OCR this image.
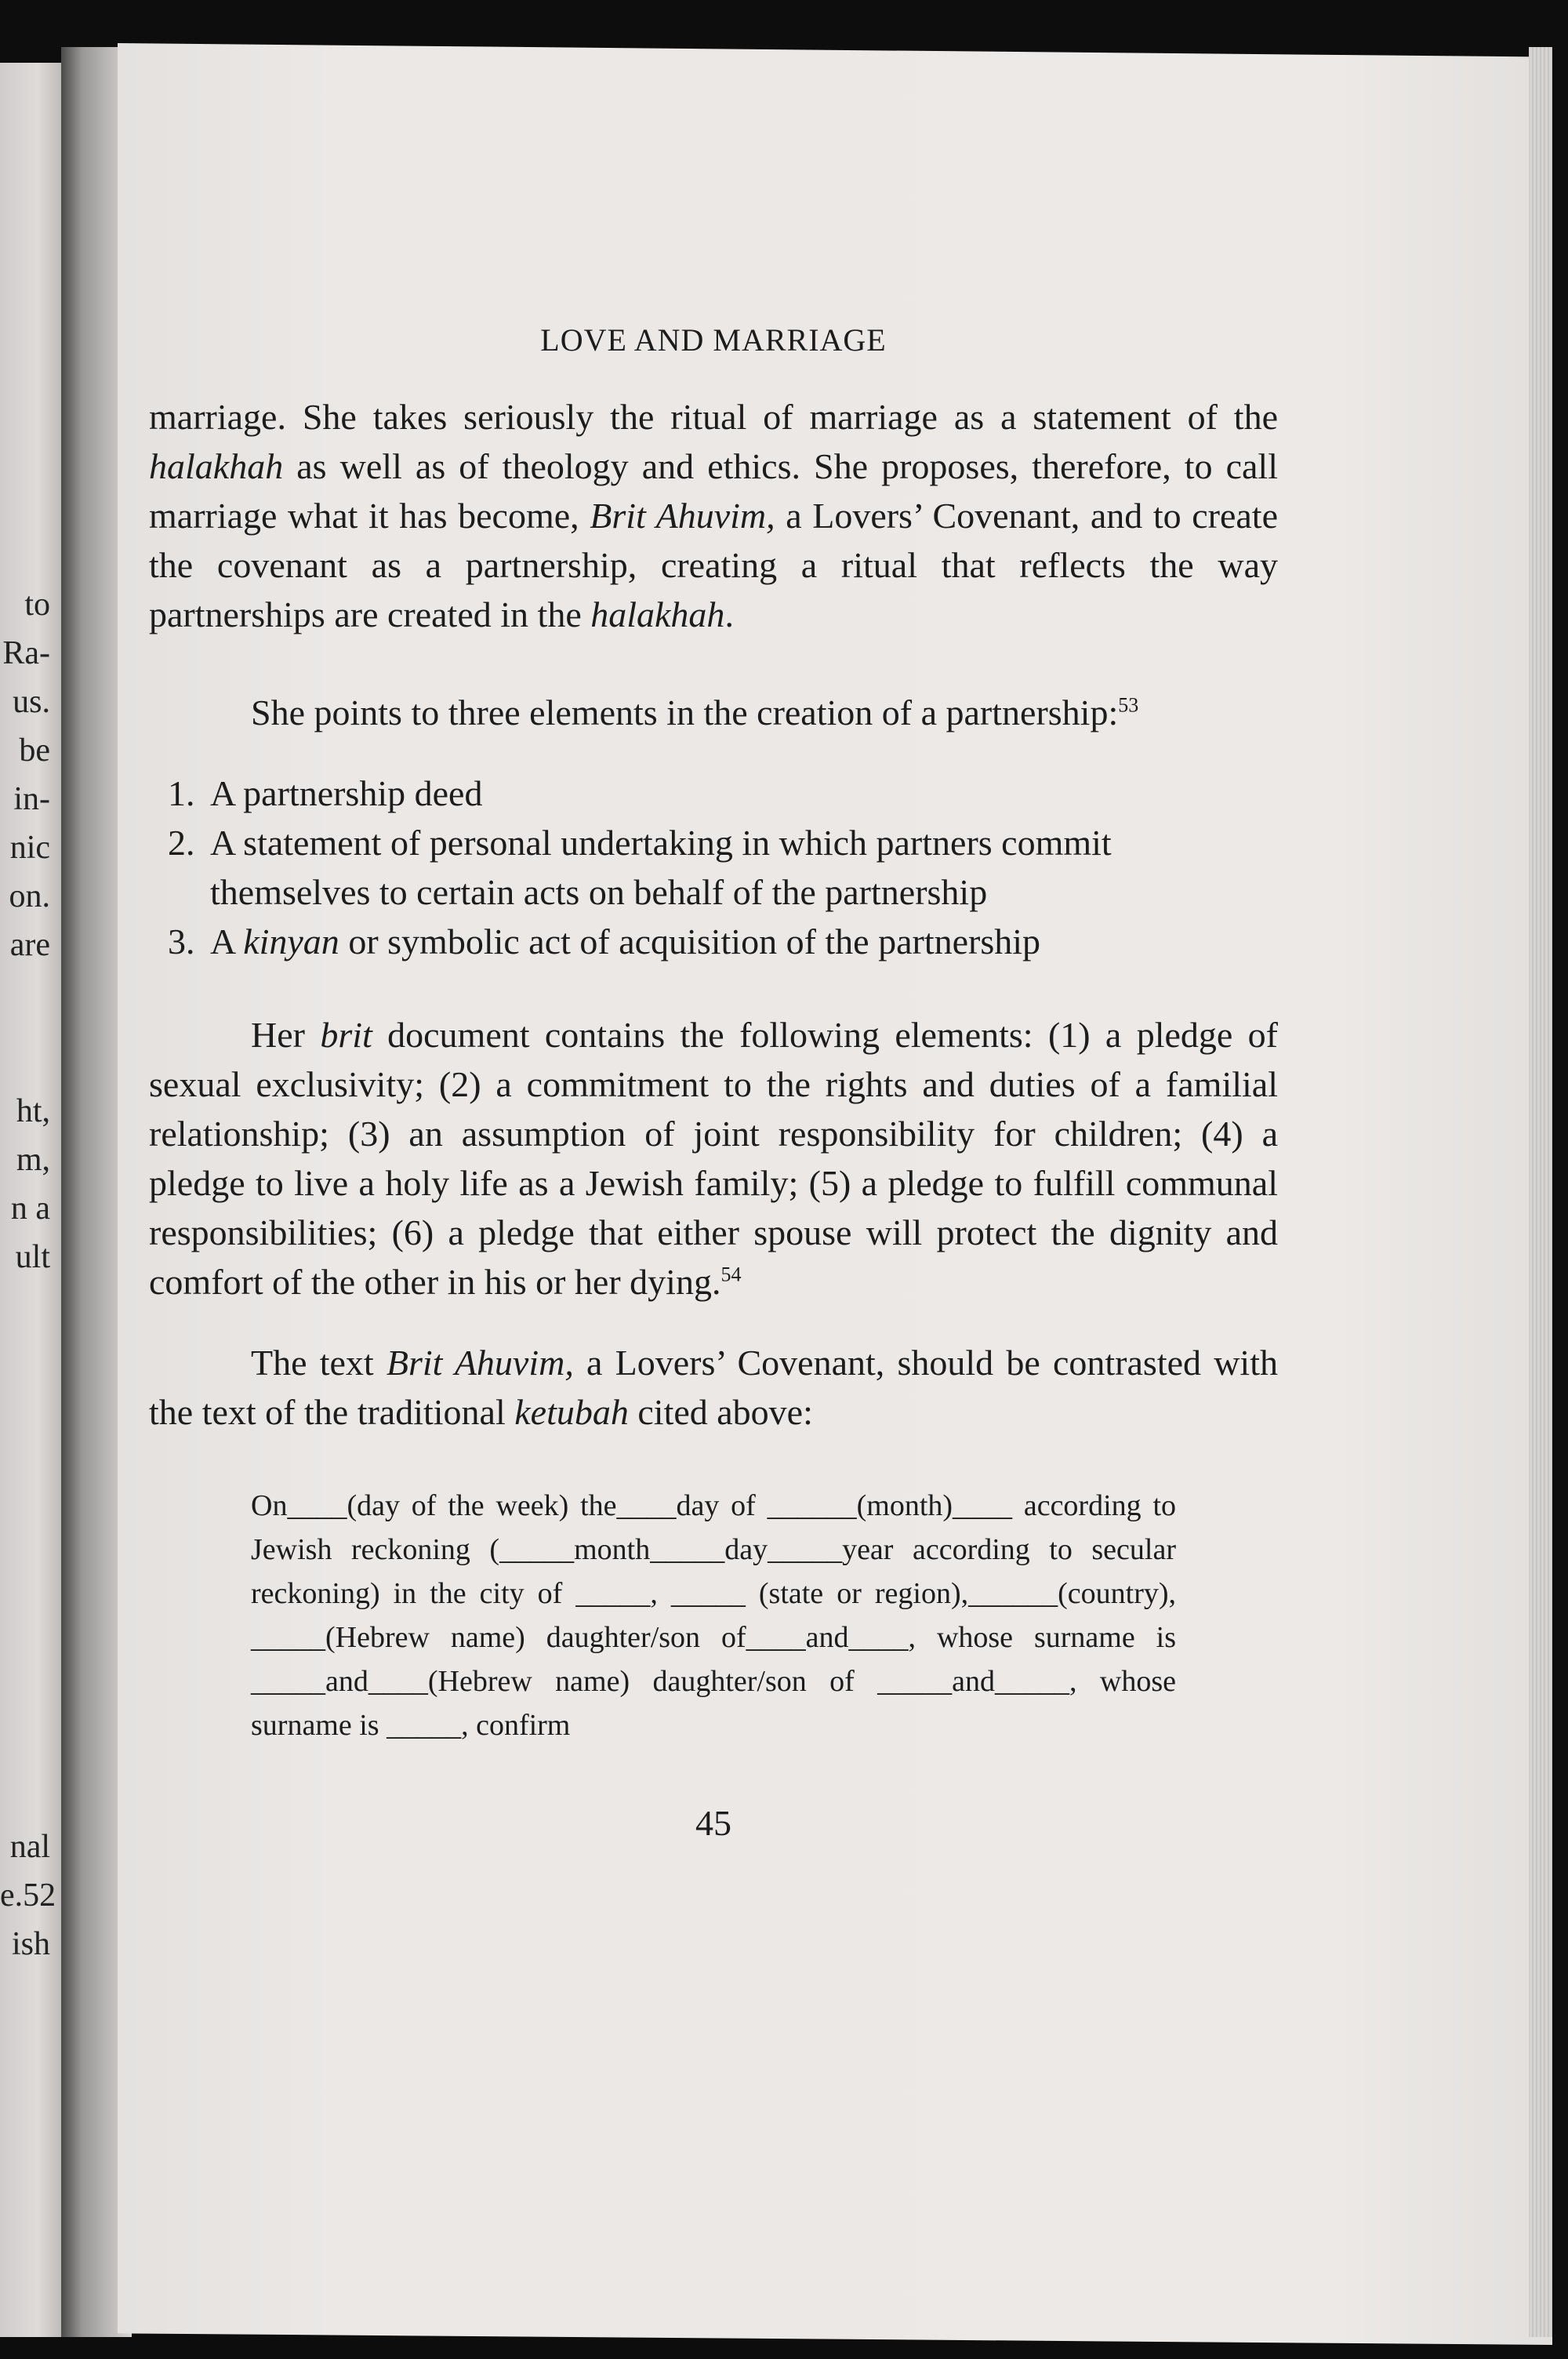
to
Ra-
us.
be
in-
nic
on.
are
ht,
m,
n a
ult
nal
e.52
ish
LOVE AND MARRIAGE

marriage. She takes seriously the ritual of marriage as a statement of the halakhah as well as of theology and ethics. She proposes, therefore, to call marriage what it has become, Brit Ahuvim, a Lovers’ Covenant, and to create the covenant as a partnership, creating a ritual that reflects the way partnerships are created in the halakhah.

She points to three elements in the creation of a partnership:$^{53}$

1. A partnership deed
2. A statement of personal undertaking in which partners commit themselves to certain acts on behalf of the partnership
3. A kinyan or symbolic act of acquisition of the partnership

Her brit document contains the following elements: (1) a pledge of sexual exclusivity; (2) a commitment to the rights and duties of a familial relationship; (3) an assumption of joint responsibility for children; (4) a pledge to live a holy life as a Jewish family; (5) a pledge to fulfill communal responsibilities; (6) a pledge that either spouse will protect the dignity and comfort of the other in his or her dying.$^{54}$

The text Brit Ahuvim, a Lovers’ Covenant, should be contrasted with the text of the traditional ketubah cited above:

On____(day of the week) the____day of ______(month)____ according to Jewish reckoning (_____month_____day_____year according to secular reckoning) in the city of _____, _____ (state or region),______(country), _____(Hebrew name) daughter/son of____and____, whose surname is _____and____(Hebrew name) daughter/son of _____and_____, whose surname is _____, confirm
45
